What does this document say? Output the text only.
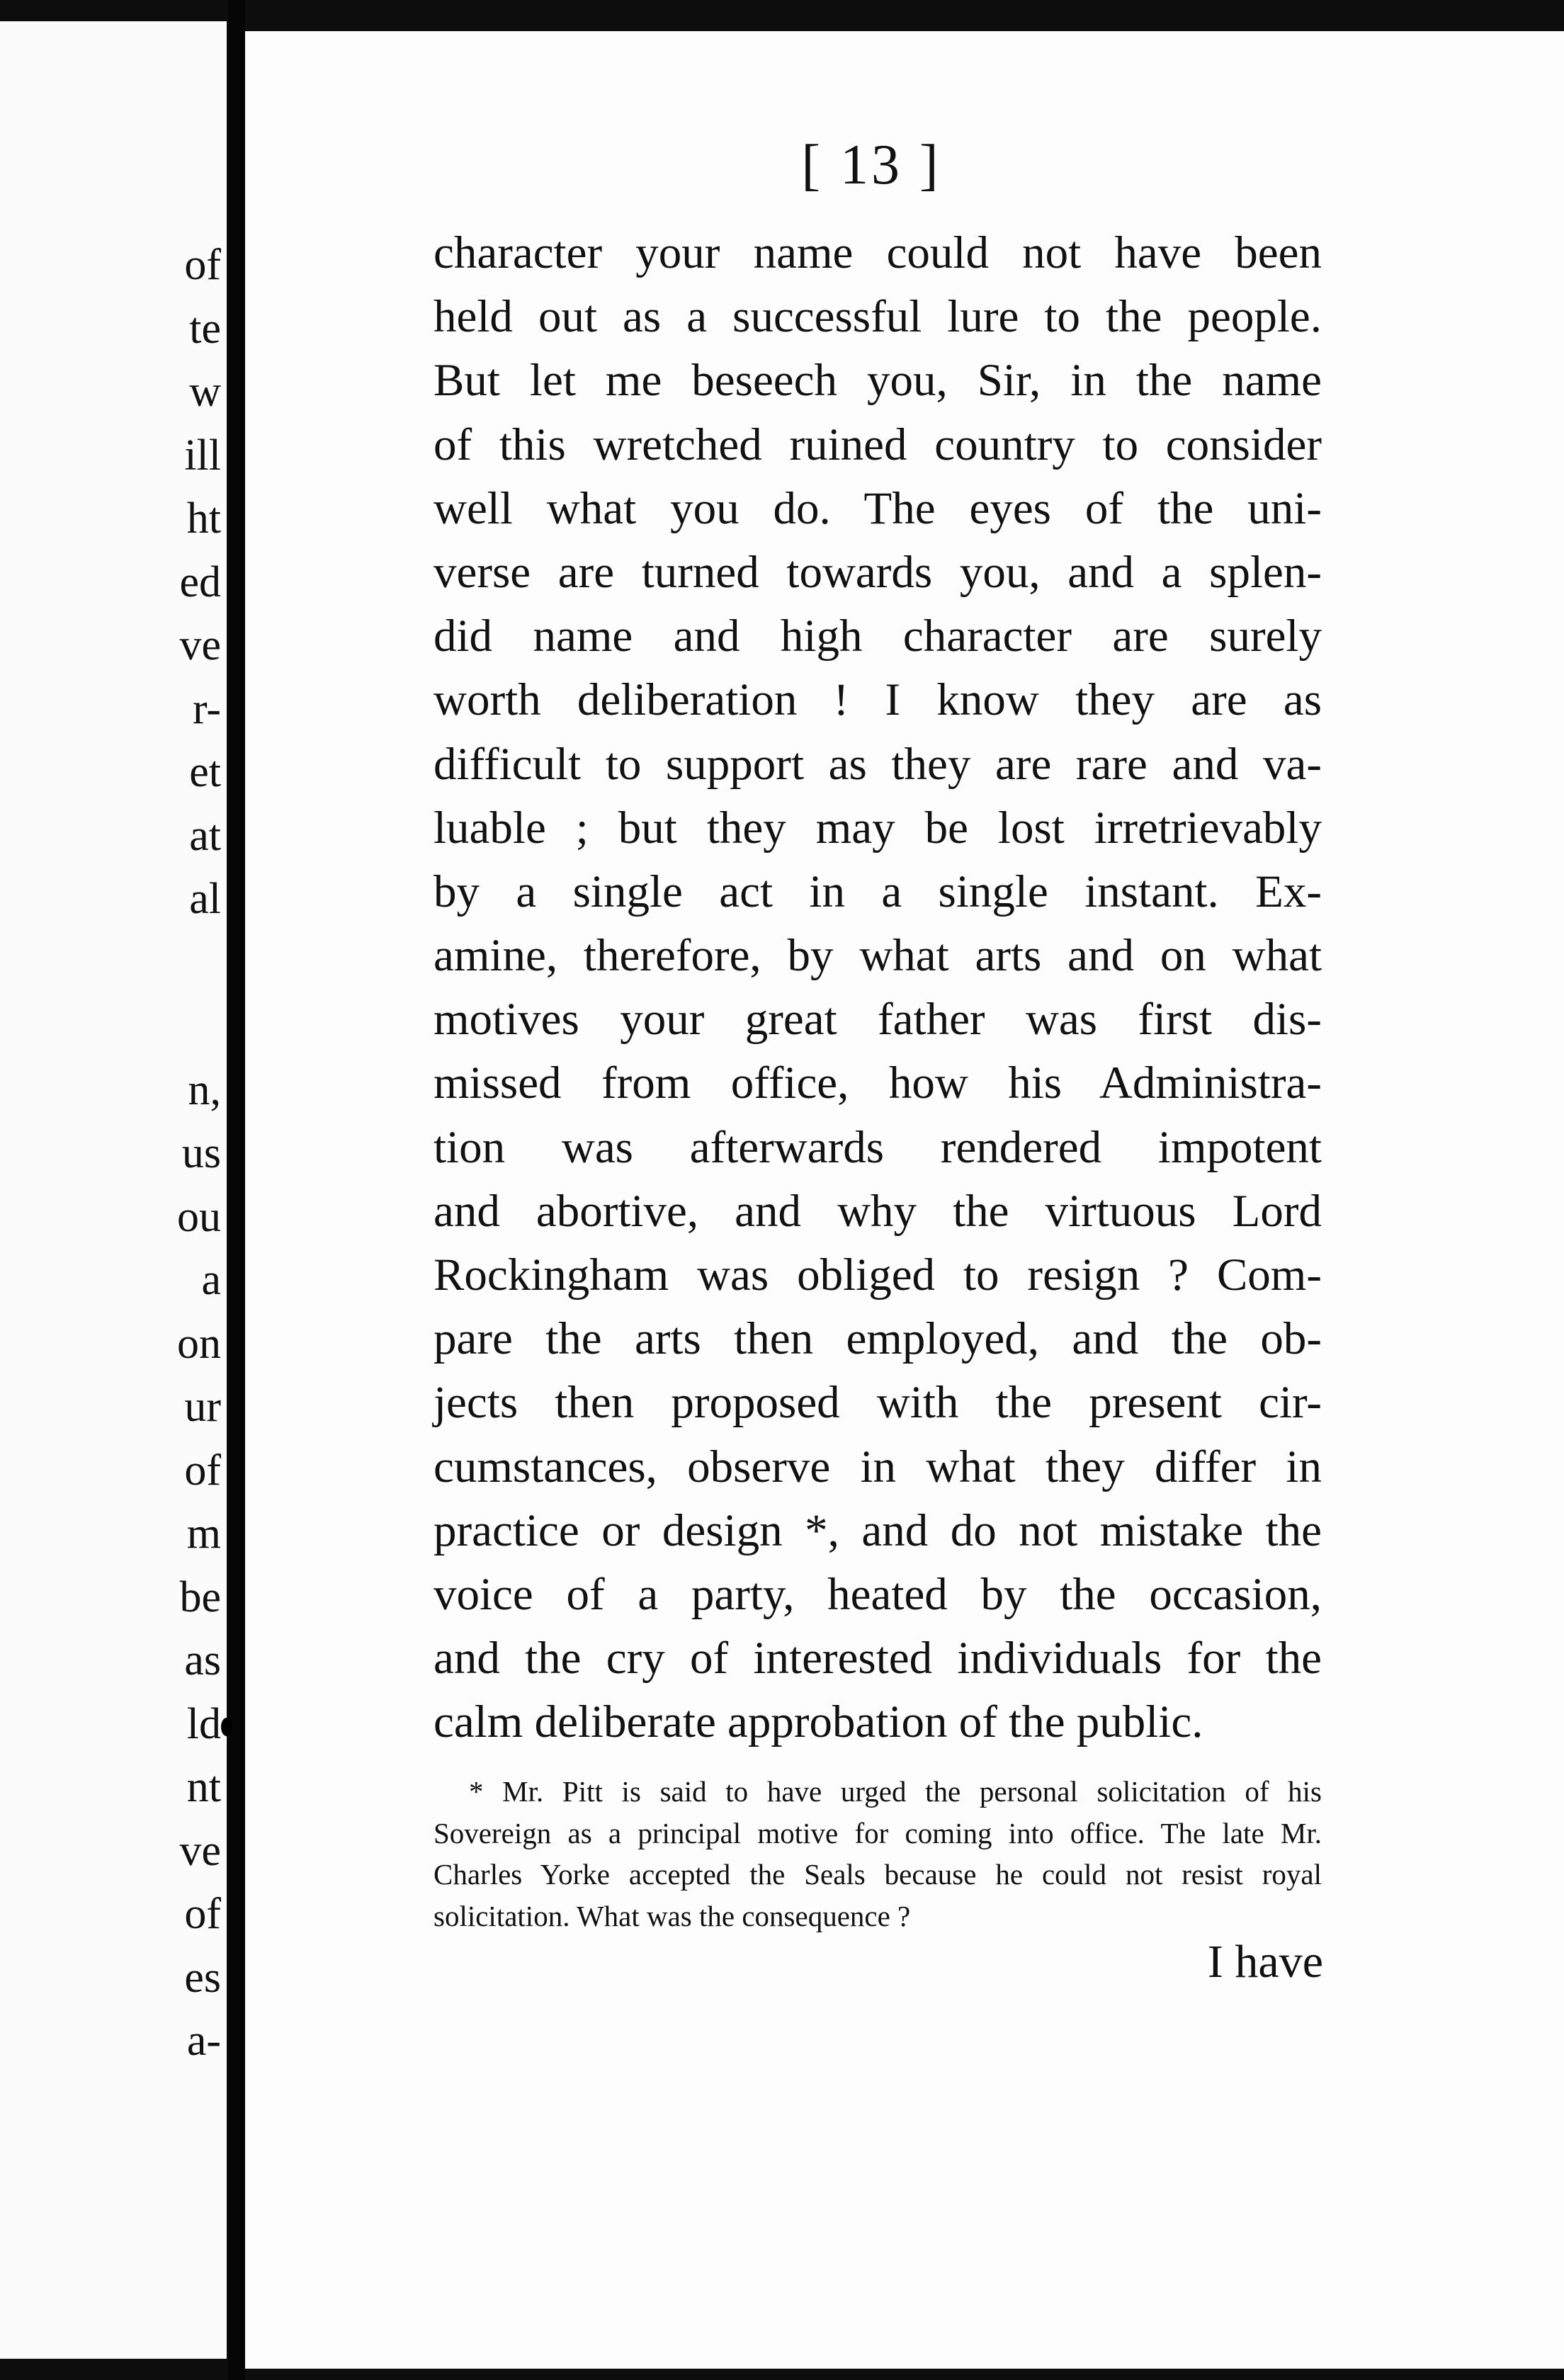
of
te
w
ill
ht
ed
ve
r-
et
at
al
n,
us
ou
a
on
ur
of
m
be
as
ld
nt
ve
of
es
a-
[ 13 ]
character your name could not have been
held out as a successful lure to the people.
But let me beseech you, Sir, in the name
of this wretched ruined country to consider
well what you do. The eyes of the uni-
verse are turned towards you, and a splen-
did name and high character are surely
worth deliberation ! I know they are as
difficult to support as they are rare and va-
luable ; but they may be lost irretrievably
by a single act in a single instant. Ex-
amine, therefore, by what arts and on what
motives your great father was first dis-
missed from office, how his Administra-
tion was afterwards rendered impotent
and abortive, and why the virtuous Lord
Rockingham was obliged to resign ? Com-
pare the arts then employed, and the ob-
jects then proposed with the present cir-
cumstances, observe in what they differ in
practice or design *, and do not mistake the
voice of a party, heated by the occasion,
and the cry of interested individuals for the
calm deliberate approbation of the public.
* Mr. Pitt is said to have urged the personal solicitation of his
Sovereign as a principal motive for coming into office. The late Mr.
Charles Yorke accepted the Seals because he could not resist royal
solicitation. What was the consequence ?
I have
